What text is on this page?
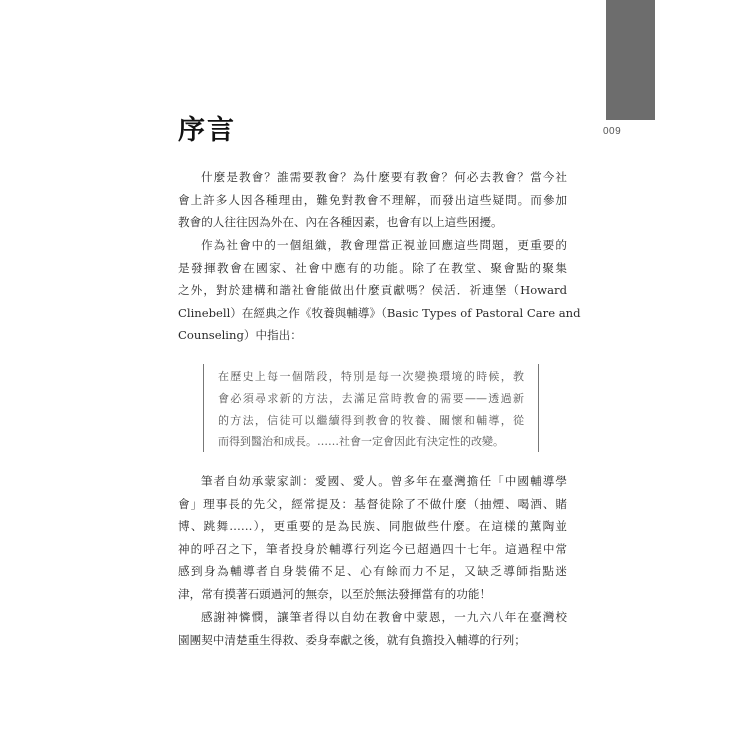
009
序言
什麼是教會？誰需要教會？為什麼要有教會？何必去教會？當今社
會上許多人因各種理由，難免對教會不理解，而發出這些疑問。而參加
教會的人往往因為外在、內在各種因素，也會有以上這些困擾。
作為社會中的一個組織，教會理當正視並回應這些問題，更重要的
是發揮教會在國家、社會中應有的功能。除了在教堂、聚會點的聚集
之外，對於建構和諧社會能做出什麼貢獻嗎？侯活．祈連堡（Howard
Clinebell）在經典之作《牧養與輔導》（Basic Types of Pastoral Care and
Counseling）中指出：
在歷史上每一個階段，特別是每一次變換環境的時候，教
會必須尋求新的方法，去滿足當時教會的需要——透過新
的方法，信徒可以繼續得到教會的牧養、關懷和輔導，從
而得到醫治和成長。……社會一定會因此有決定性的改變。
筆者自幼承蒙家訓：愛國、愛人。曾多年在臺灣擔任「中國輔導學
會」理事長的先父，經常提及：基督徒除了不做什麼（抽煙、喝酒、賭
博、跳舞……），更重要的是為民族、同胞做些什麼。在這樣的薰陶並
神的呼召之下，筆者投身於輔導行列迄今已超過四十七年。這過程中常
感到身為輔導者自身裝備不足、心有餘而力不足，又缺乏導師指點迷
津，常有摸著石頭過河的無奈，以至於無法發揮當有的功能！
感謝神憐憫，讓筆者得以自幼在教會中蒙恩，一九六八年在臺灣校
園團契中清楚重生得救、委身奉獻之後，就有負擔投入輔導的行列；
